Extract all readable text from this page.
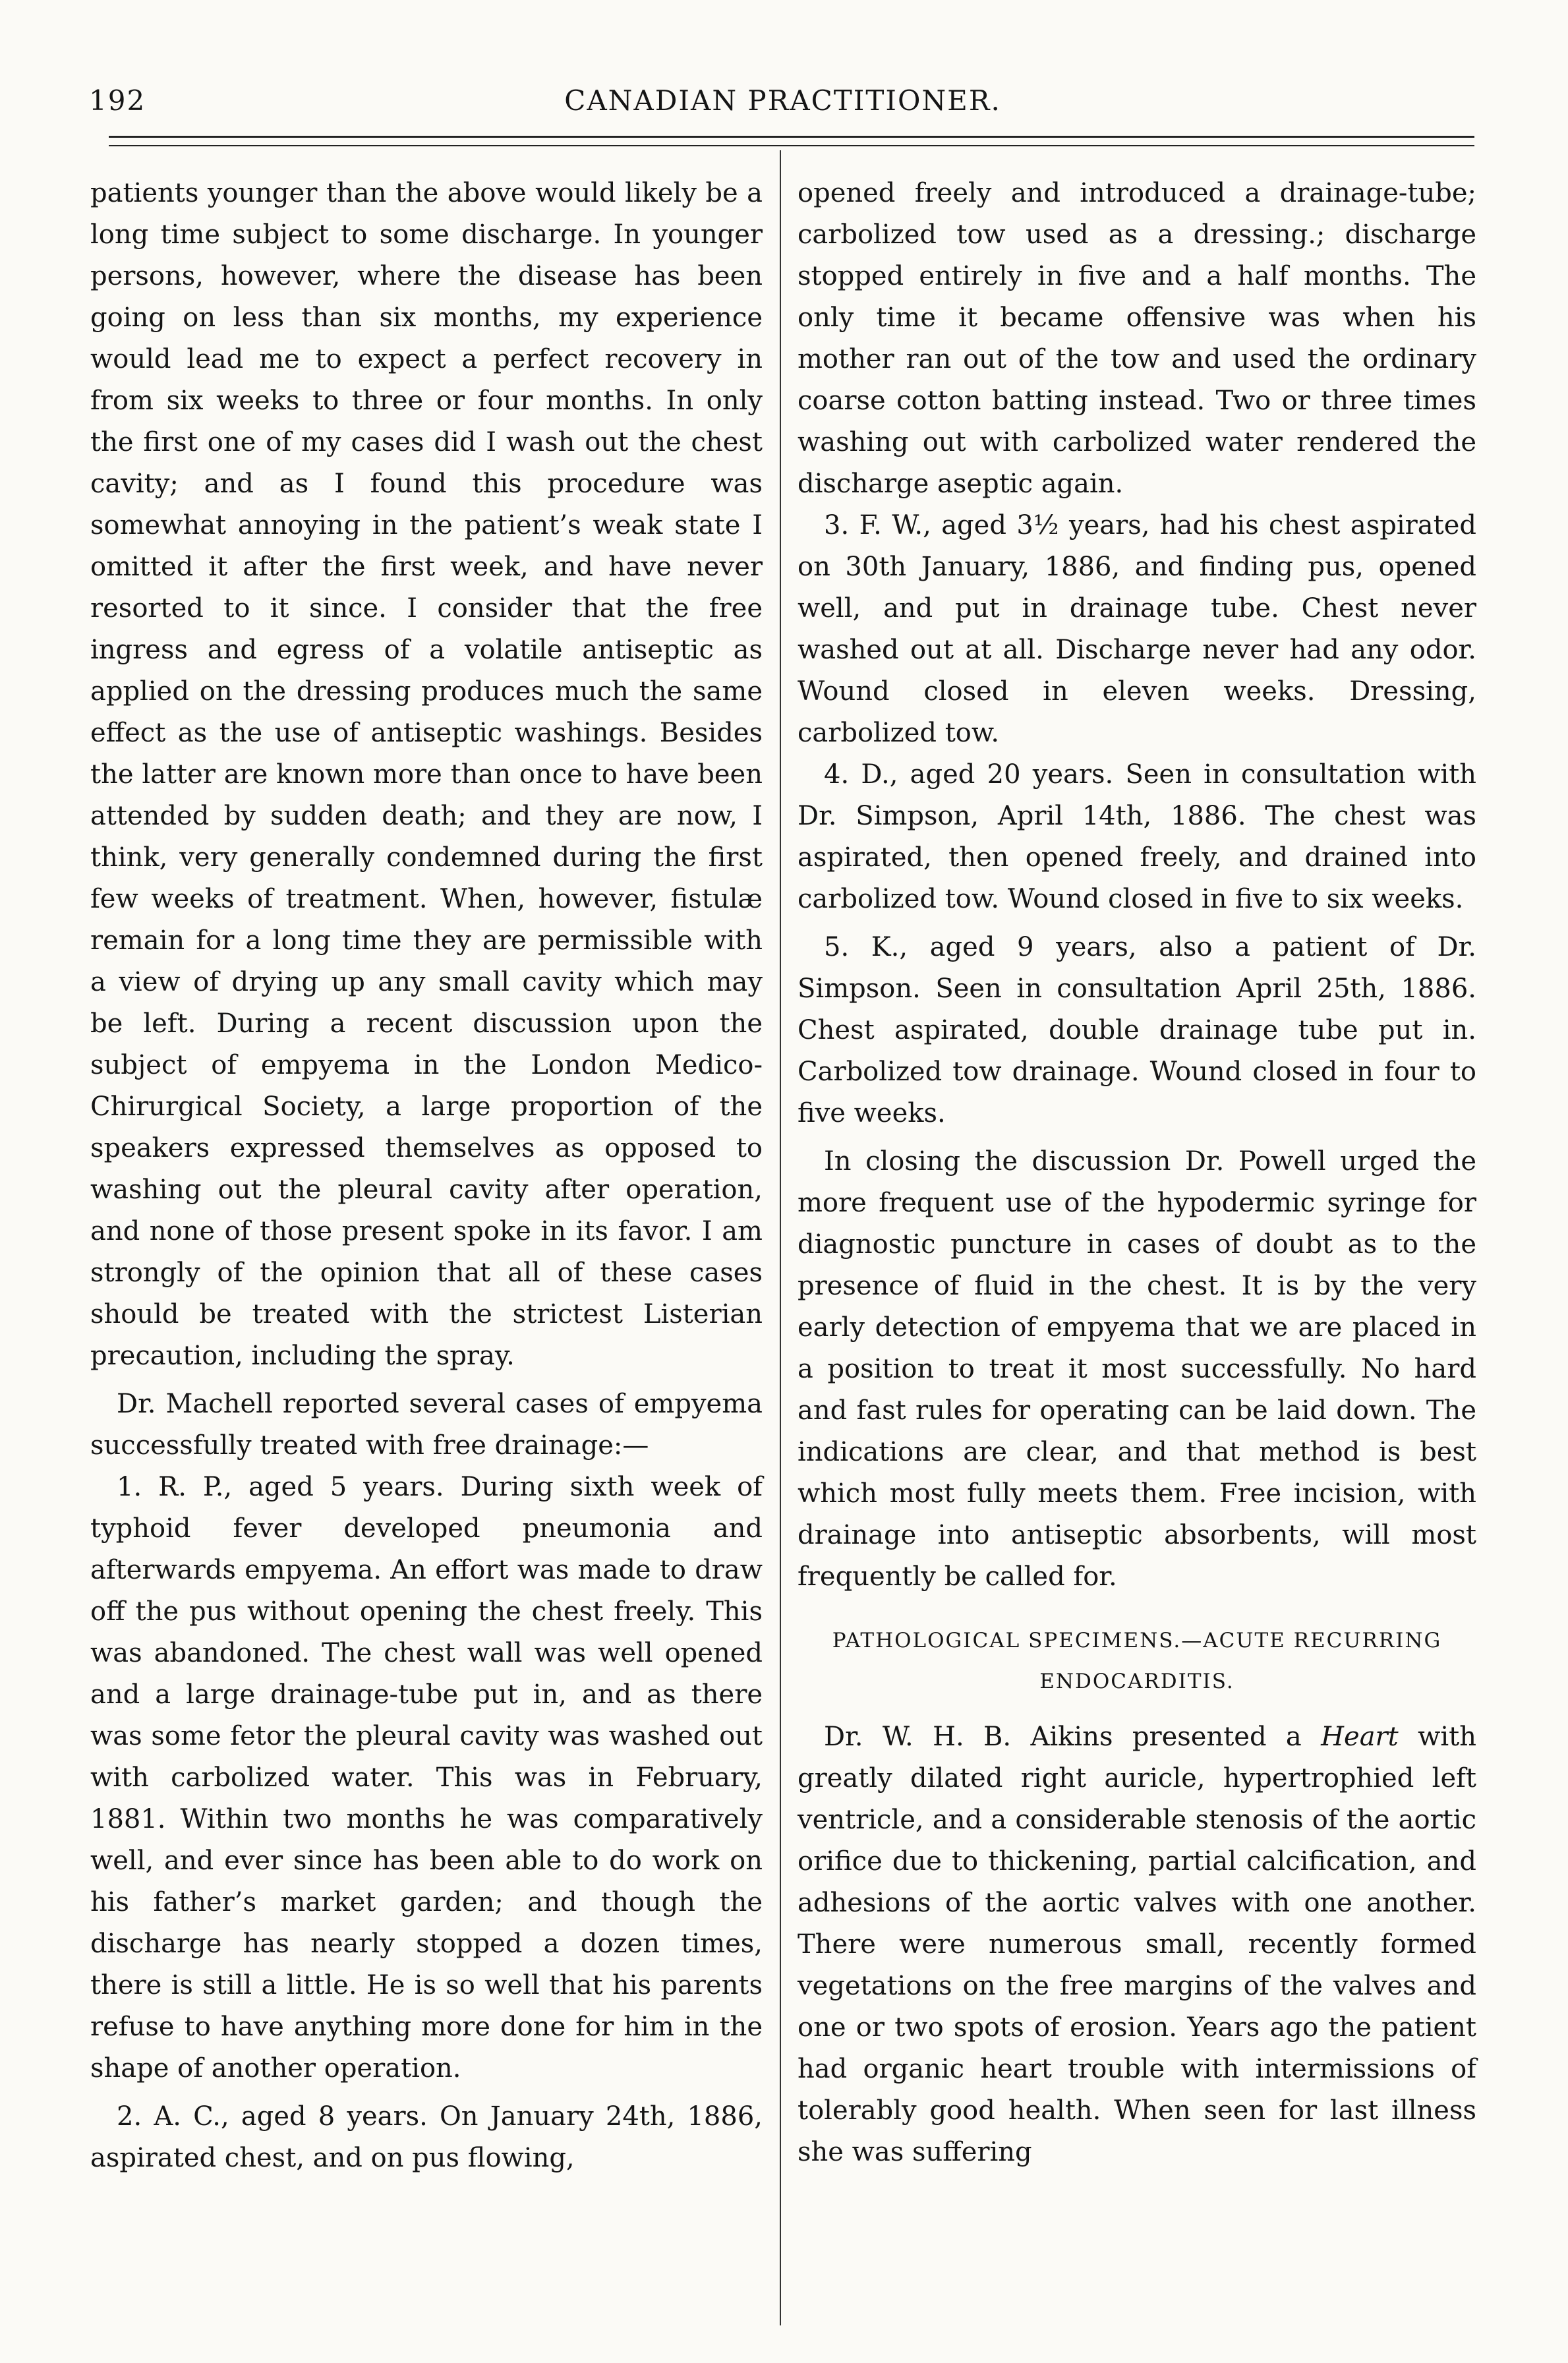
192	CANADIAN PRACTITIONER.

patients younger than the above would likely be a long time subject to some discharge. In younger persons, however, where the disease has been going on less than six months, my experience would lead me to expect a perfect recovery in from six weeks to three or four months. In only the first one of my cases did I wash out the chest cavity; and as I found this procedure was somewhat annoying in the patient’s weak state I omitted it after the first week, and have never resorted to it since. I consider that the free ingress and egress of a volatile antiseptic as applied on the dressing produces much the same effect as the use of antiseptic washings. Besides the latter are known more than once to have been attended by sudden death; and they are now, I think, very generally condemned during the first few weeks of treatment. When, however, fistulæ remain for a long time they are permissible with a view of drying up any small cavity which may be left. During a recent discussion upon the subject of empyema in the London Medico-Chirurgical Society, a large proportion of the speakers expressed themselves as opposed to washing out the pleural cavity after operation, and none of those present spoke in its favor. I am strongly of the opinion that all of these cases should be treated with the strictest Listerian precaution, including the spray.

Dr. Machell reported several cases of empyema successfully treated with free drainage:—

1. R. P., aged 5 years. During sixth week of typhoid fever developed pneumonia and afterwards empyema. An effort was made to draw off the pus without opening the chest freely. This was abandoned. The chest wall was well opened and a large drainage-tube put in, and as there was some fetor the pleural cavity was washed out with carbolized water. This was in February, 1881. Within two months he was comparatively well, and ever since has been able to do work on his father’s market garden; and though the discharge has nearly stopped a dozen times, there is still a little. He is so well that his parents refuse to have anything more done for him in the shape of another operation.

2. A. C., aged 8 years. On January 24th, 1886, aspirated chest, and on pus flowing,

opened freely and introduced a drainage-tube; carbolized tow used as a dressing.; discharge stopped entirely in five and a half months. The only time it became offensive was when his mother ran out of the tow and used the ordinary coarse cotton batting instead. Two or three times washing out with carbolized water rendered the discharge aseptic again.

3. F. W., aged 3½ years, had his chest aspirated on 30th January, 1886, and finding pus, opened well, and put in drainage tube. Chest never washed out at all. Discharge never had any odor. Wound closed in eleven weeks. Dressing, carbolized tow.

4. D., aged 20 years. Seen in consultation with Dr. Simpson, April 14th, 1886. The chest was aspirated, then opened freely, and drained into carbolized tow. Wound closed in five to six weeks.

5. K., aged 9 years, also a patient of Dr. Simpson. Seen in consultation April 25th, 1886. Chest aspirated, double drainage tube put in. Carbolized tow drainage. Wound closed in four to five weeks.

In closing the discussion Dr. Powell urged the more frequent use of the hypodermic syringe for diagnostic puncture in cases of doubt as to the presence of fluid in the chest. It is by the very early detection of empyema that we are placed in a position to treat it most successfully. No hard and fast rules for operating can be laid down. The indications are clear, and that method is best which most fully meets them. Free incision, with drainage into antiseptic absorbents, will most frequently be called for.

PATHOLOGICAL SPECIMENS.—ACUTE RECURRING ENDOCARDITIS.

Dr. W. H. B. Aikins presented a Heart with greatly dilated right auricle, hypertrophied left ventricle, and a considerable stenosis of the aortic orifice due to thickening, partial calcification, and adhesions of the aortic valves with one another. There were numerous small, recently formed vegetations on the free margins of the valves and one or two spots of erosion. Years ago the patient had organic heart trouble with intermissions of tolerably good health. When seen for last illness she was suffering
